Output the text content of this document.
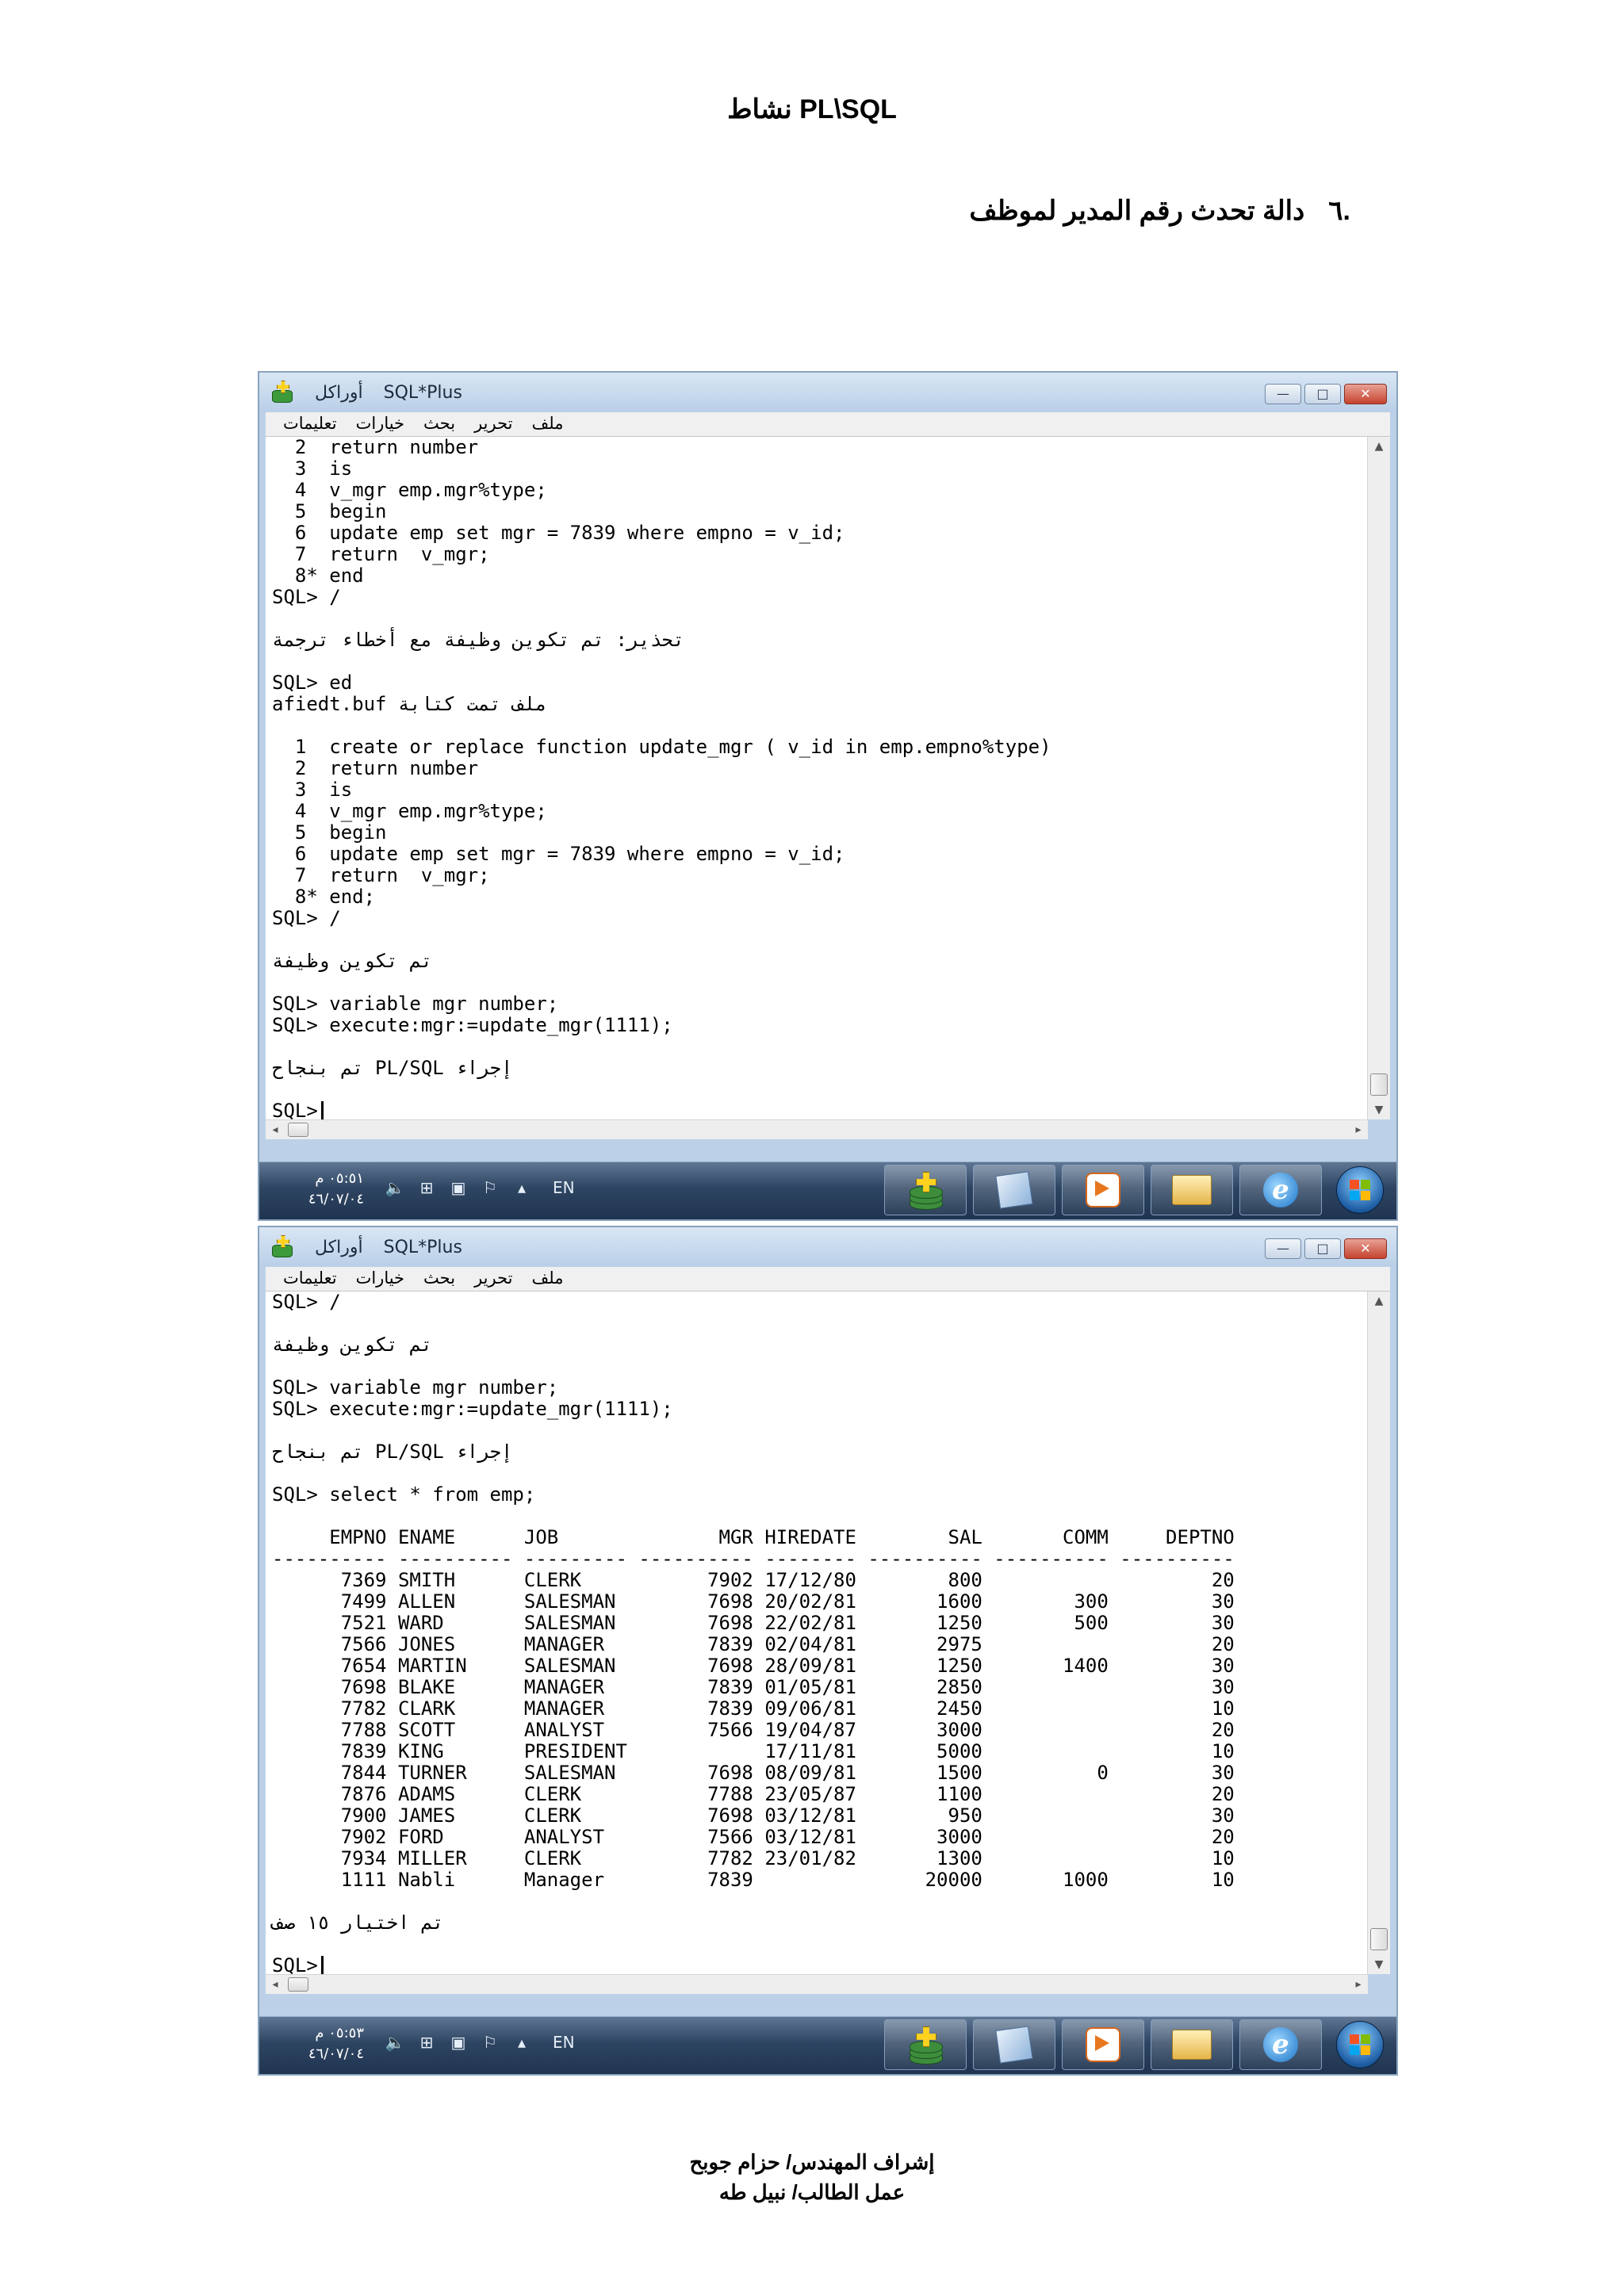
نشاط PL\SQL
.٦دالة تحدث رقم المدير لموظف
أوراكل SQL*Plus	—	□	✕
ملف
تحرير
بحث
خيارات
تعليمات
2  return number
3  is
4  v_mgr emp.mgr%type;
5  begin
6  update emp set mgr = 7839 where empno = v_id;
7  return  v_mgr;
8* end
SQL> /
تحذير: تم تكوين وظيفة مع أخطاء ترجمة
SQL> ed
ملف تمت كتابة afiedt.buf
1  create or replace function update_mgr ( v_id in emp.empno%type)
2  return number
3  is
4  v_mgr emp.mgr%type;
5  begin
6  update emp set mgr = 7839 where empno = v_id;
7  return  v_mgr;
8* end;
SQL> /
تم تكوين وظيفة
SQL> variable mgr number;
SQL> execute:mgr:=update_mgr(1111);
إجراء PL/SQL تم بنجاح
SQL>
▲
▼
◂	▸
٠٥:٥١ م
٤٦/٠٧/٠٤
🔈 ⊞ ▣ ⚐	▴	EN	e
أوراكل SQL*Plus	—	□	✕
ملف
تحرير
بحث
خيارات
تعليمات
SQL> /
تم تكوين وظيفة
SQL> variable mgr number;
SQL> execute:mgr:=update_mgr(1111);
إجراء PL/SQL تم بنجاح
SQL> select * from emp;
EMPNO ENAME      JOB              MGR HIREDATE        SAL       COMM     DEPTNO
---------- ---------- --------- ---------- -------- ---------- ---------- ----------
7369 SMITH      CLERK           7902 17/12/80        800                    20
7499 ALLEN      SALESMAN        7698 20/02/81       1600        300         30
7521 WARD       SALESMAN        7698 22/02/81       1250        500         30
7566 JONES      MANAGER         7839 02/04/81       2975                    20
7654 MARTIN     SALESMAN        7698 28/09/81       1250       1400         30
7698 BLAKE      MANAGER         7839 01/05/81       2850                    30
7782 CLARK      MANAGER         7839 09/06/81       2450                    10
7788 SCOTT      ANALYST         7566 19/04/87       3000                    20
7839 KING       PRESIDENT            17/11/81       5000                    10
7844 TURNER     SALESMAN        7698 08/09/81       1500          0         30
7876 ADAMS      CLERK           7788 23/05/87       1100                    20
7900 JAMES      CLERK           7698 03/12/81        950                    30
7902 FORD       ANALYST         7566 03/12/81       3000                    20
7934 MILLER     CLERK           7782 23/01/82       1300                    10
1111 Nabli      Manager         7839               20000       1000         10
تم اختيار ١٥ صف
SQL>
▲
▼
◂	▸
٠٥:٥٣ م
٤٦/٠٧/٠٤
🔈 ⊞ ▣ ⚐	▴	EN	e
إشراف المهندس/ حزام جوبح
عمل الطالب/ نبيل طه
